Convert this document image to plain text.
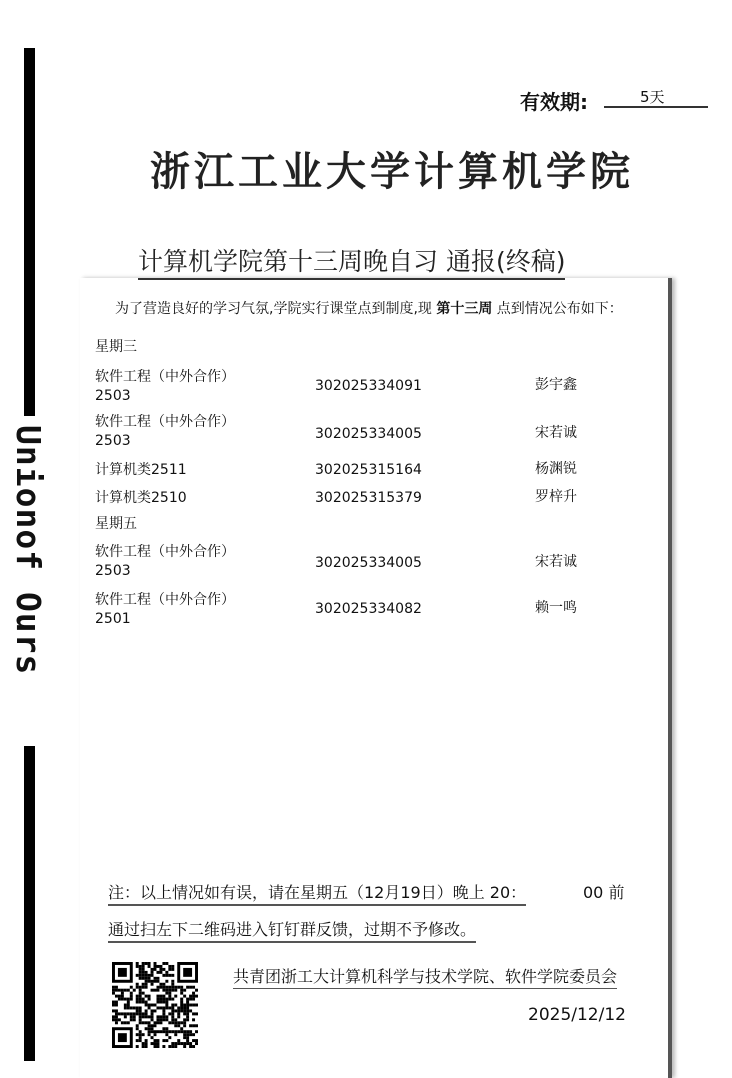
Unionof Ours
有效期:	5天
浙江工业大学计算机学院
计算机学院第十三周晚自习 通报(终稿)
为了营造良好的学习气氛,学院实行课堂点到制度,现 第十三周 点到情况公布如下：
星期三
软件工程（中外合作）
2503
302025334091	彭宇鑫
软件工程（中外合作）
2503	302025334005	宋若诚
计算机类2511	302025315164	杨渊锐
计算机类2510	302025315379	罗梓升
星期五
软件工程（中外合作）
2503	302025334005	宋若诚
软件工程（中外合作）
2501
302025334082	赖一鸣
注：以上情况如有误，请在星期五（12月19日）晚上 20：	00 前
通过扫左下二维码进入钉钉群反馈，过期不予修改。
共青团浙工大计算机科学与技术学院、软件学院委员会
2025/12/12
